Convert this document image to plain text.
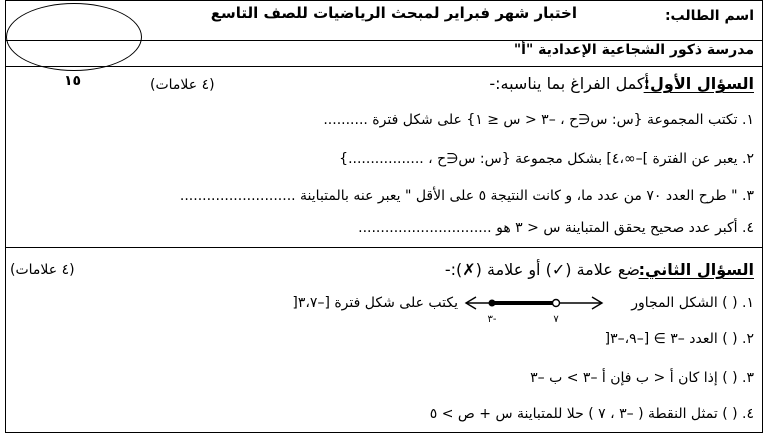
اسم الطالب:
اختبار شهر فبراير لمبحث الرياضيات للصف التاسع
مدرسة ذكور الشجاعية الإعدادية "أ"
١٥	السؤال الأول:
أكمل الفراغ بما يناسبه:-
(٤ علامات)
١. تكتب المجموعة {س: س∈ح ، –٣ < س ≤ ١} على شكل فترة ..........
٢. يعبر عن الفترة ]–∞،٤] بشكل مجموعة {س: س∈ح ، .................}
٣. " طرح العدد ٧٠ من عدد ما، و كانت النتيجة ٥ على الأقل " يعبر عنه بالمتباينة ..........................
٤. أكبر عدد صحيح يحقق المتباينة س < ٣ هو ..............................
السؤال الثاني:
ضع علامة (✓) أو علامة (✗):-
(٤ علامات)
١. ( ) الشكل المجاور
-٣	٧
يكتب على شكل فترة [–٣،٧[
٢. ( ) العدد –٣ ∋ [–٩،–٣[
٣. ( ) إذا كان أ < ب فإن أ –٣ > ب –٣
٤. ( ) تمثل النقطة ( –٣ ، ٧ ) حلا للمتباينة س + ص > ٥
